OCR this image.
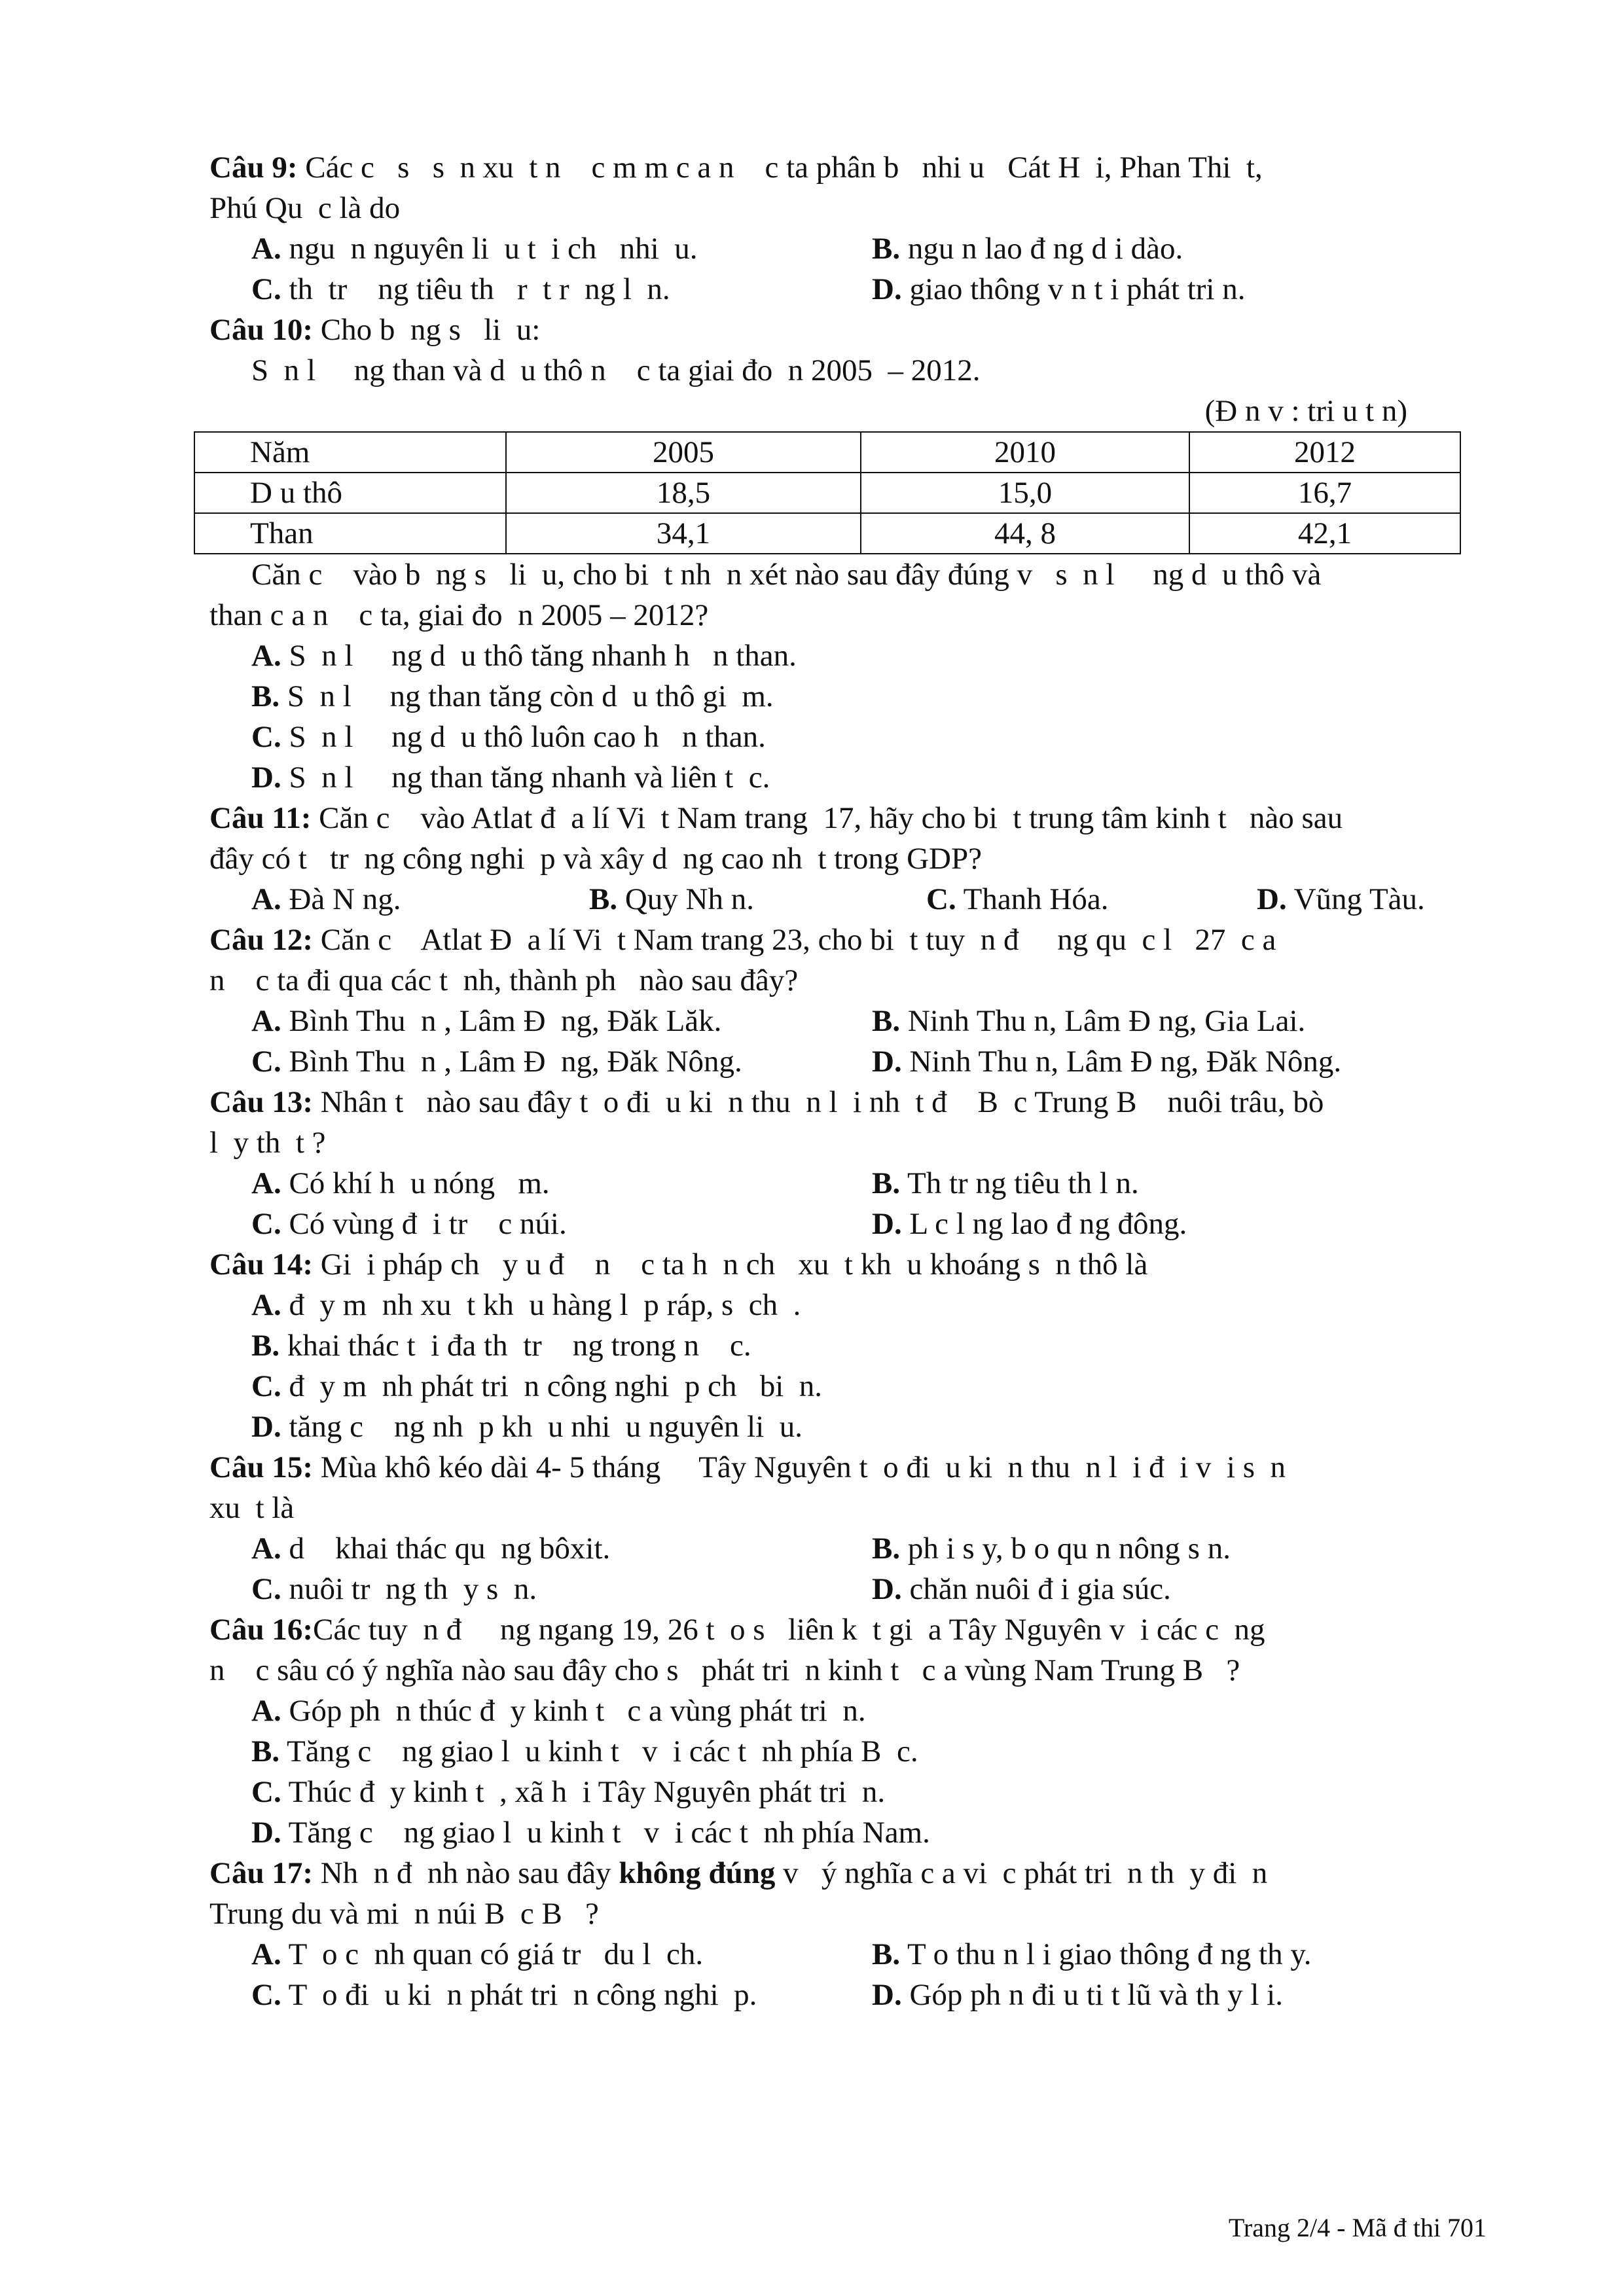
Câu 9: Các c   s   s  n xu  t n    c m m c a n    c ta phân b   nhi u   Cát H  i, Phan Thi  t,
Phú Qu  c là do
A. ngu  n nguyên li  u t  i ch   nhi  u.	B. ngu n lao đ ng d i dào.
C. th  tr    ng tiêu th   r  t r  ng l  n.	D. giao thông v n t i phát tri n.
Câu 10: Cho b  ng s   li  u:
S  n l     ng than và d  u thô n    c ta giai đo  n 2005  – 2012.
(Đ n v : tri u t n)
Năm	2005	2010	2012
D u thô	18,5	15,0	16,7
Than	34,1	44, 8	42,1
Căn c    vào b  ng s   li  u, cho bi  t nh  n xét nào sau đây đúng v   s  n l     ng d  u thô và
than c a n    c ta, giai đo  n 2005 – 2012?
A. S  n l     ng d  u thô tăng nhanh h   n than.
B. S  n l     ng than tăng còn d  u thô gi  m.
C. S  n l     ng d  u thô luôn cao h   n than.
D. S  n l     ng than tăng nhanh và liên t  c.
Câu 11: Căn c    vào Atlat đ  a lí Vi  t Nam trang  17, hãy cho bi  t trung tâm kinh t   nào sau
đây có t   tr  ng công nghi  p và xây d  ng cao nh  t trong GDP?
A. Đà N ng.	B. Quy Nh n.	C. Thanh Hóa.	D. Vũng Tàu.
Câu 12: Căn c    Atlat Đ  a lí Vi  t Nam trang 23, cho bi  t tuy  n đ     ng qu  c l   27  c a
n    c ta đi qua các t  nh, thành ph   nào sau đây?
A. Bình Thu  n , Lâm Đ  ng, Đăk Lăk.	B. Ninh Thu n, Lâm Đ ng, Gia Lai.
C. Bình Thu  n , Lâm Đ  ng, Đăk Nông.	D. Ninh Thu n, Lâm Đ ng, Đăk Nông.
Câu 13: Nhân t   nào sau đây t  o đi  u ki  n thu  n l  i nh  t đ    B  c Trung B    nuôi trâu, bò
l  y th  t ?
A. Có khí h  u nóng   m.	B. Th tr ng tiêu th l n.
C. Có vùng đ  i tr    c núi.	D. L c l ng lao đ ng đông.
Câu 14: Gi  i pháp ch   y u đ    n    c ta h  n ch   xu  t kh  u khoáng s  n thô là
A. đ  y m  nh xu  t kh  u hàng l  p ráp, s  ch  .
B. khai thác t  i đa th  tr    ng trong n    c.
C. đ  y m  nh phát tri  n công nghi  p ch   bi  n.
D. tăng c    ng nh  p kh  u nhi  u nguyên li  u.
Câu 15: Mùa khô kéo dài 4- 5 tháng     Tây Nguyên t  o đi  u ki  n thu  n l  i đ  i v  i s  n
xu  t là
A. d    khai thác qu  ng bôxit.	B. ph i s y, b o qu n nông s n.
C. nuôi tr  ng th  y s  n.	D. chăn nuôi đ i gia súc.
Câu 16:Các tuy  n đ     ng ngang 19, 26 t  o s   liên k  t gi  a Tây Nguyên v  i các c  ng
n    c sâu có ý nghĩa nào sau đây cho s   phát tri  n kinh t   c a vùng Nam Trung B   ?
A. Góp ph  n thúc đ  y kinh t   c a vùng phát tri  n.
B. Tăng c    ng giao l  u kinh t   v  i các t  nh phía B  c.
C. Thúc đ  y kinh t  , xã h  i Tây Nguyên phát tri  n.
D. Tăng c    ng giao l  u kinh t   v  i các t  nh phía Nam.
Câu 17: Nh  n đ  nh nào sau đây không đúng v   ý nghĩa c a vi  c phát tri  n th  y đi  n
Trung du và mi  n núi B  c B   ?
A. T  o c  nh quan có giá tr   du l  ch.	B. T o thu n l i giao thông đ ng th y.
C. T  o đi  u ki  n phát tri  n công nghi  p.	D. Góp ph n đi u ti t lũ và th y l i.
Trang 2/4 - Mã đ thi 701
